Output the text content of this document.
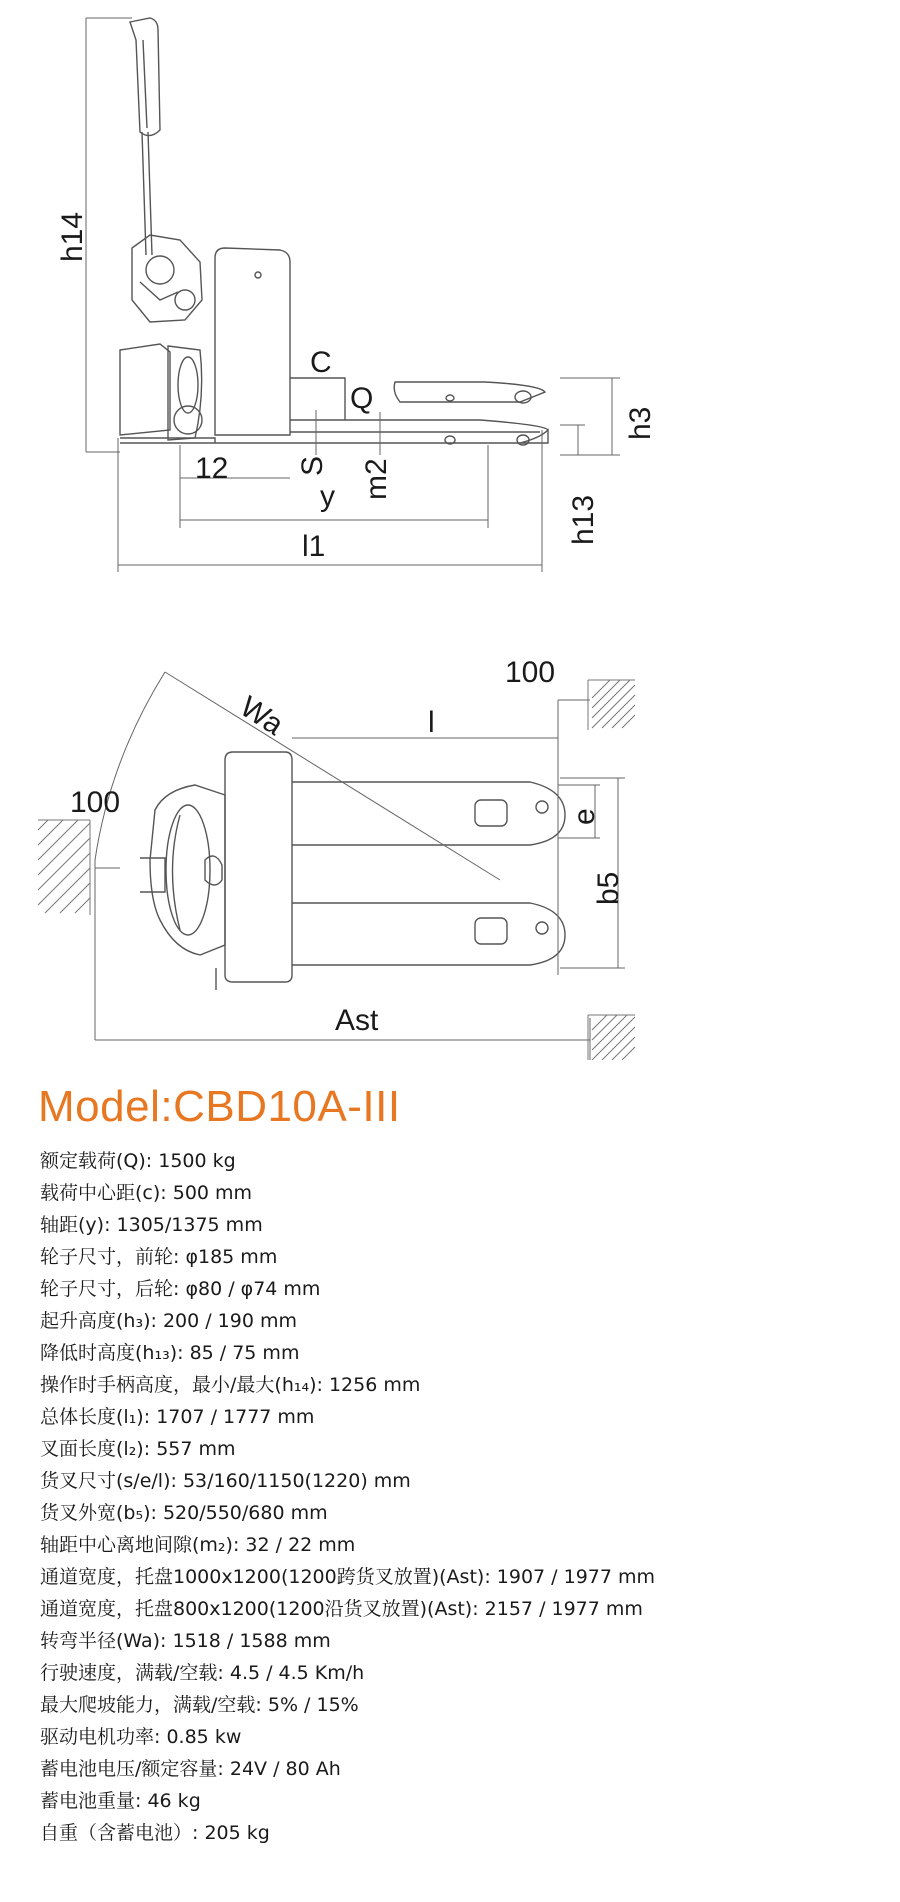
h14
C
Q
h3
12 S m2
y	h13
l1
100
Wa	l
100	e
b5
Ast
Model:CBD10A-III
额定载荷(Q) : 1500 kg
载荷中心距(c) : 500 mm
轴距(y) : 1305/1375 mm
轮子尺寸，前轮 : φ185 mm
轮子尺寸，后轮 : φ80 / φ74 mm
起升高度(h₃) : 200 / 190 mm
降低时高度(h₁₃) : 85 / 75 mm
操作时手柄高度，最小/最大(h₁₄) : 1256 mm
总体长度(l₁) : 1707 / 1777 mm
叉面长度(l₂) : 557 mm
货叉尺寸(s/e/l) : 53/160/1150(1220) mm
货叉外宽(b₅) : 520/550/680 mm
轴距中心离地间隙(m₂) : 32 / 22 mm
通道宽度，托盘1000x1200(1200跨货叉放置)(Ast) : 1907 / 1977 mm
通道宽度，托盘800x1200(1200沿货叉放置)(Ast) : 2157 / 1977 mm
转弯半径(Wa) : 1518 / 1588 mm
行驶速度，满载/空载 : 4.5 / 4.5 Km/h
最大爬坡能力，满载/空载 : 5% / 15%
驱动电机功率 : 0.85 kw
蓄电池电压/额定容量 : 24V / 80 Ah
蓄电池重量 : 46 kg
自重（含蓄电池） : 205 kg
